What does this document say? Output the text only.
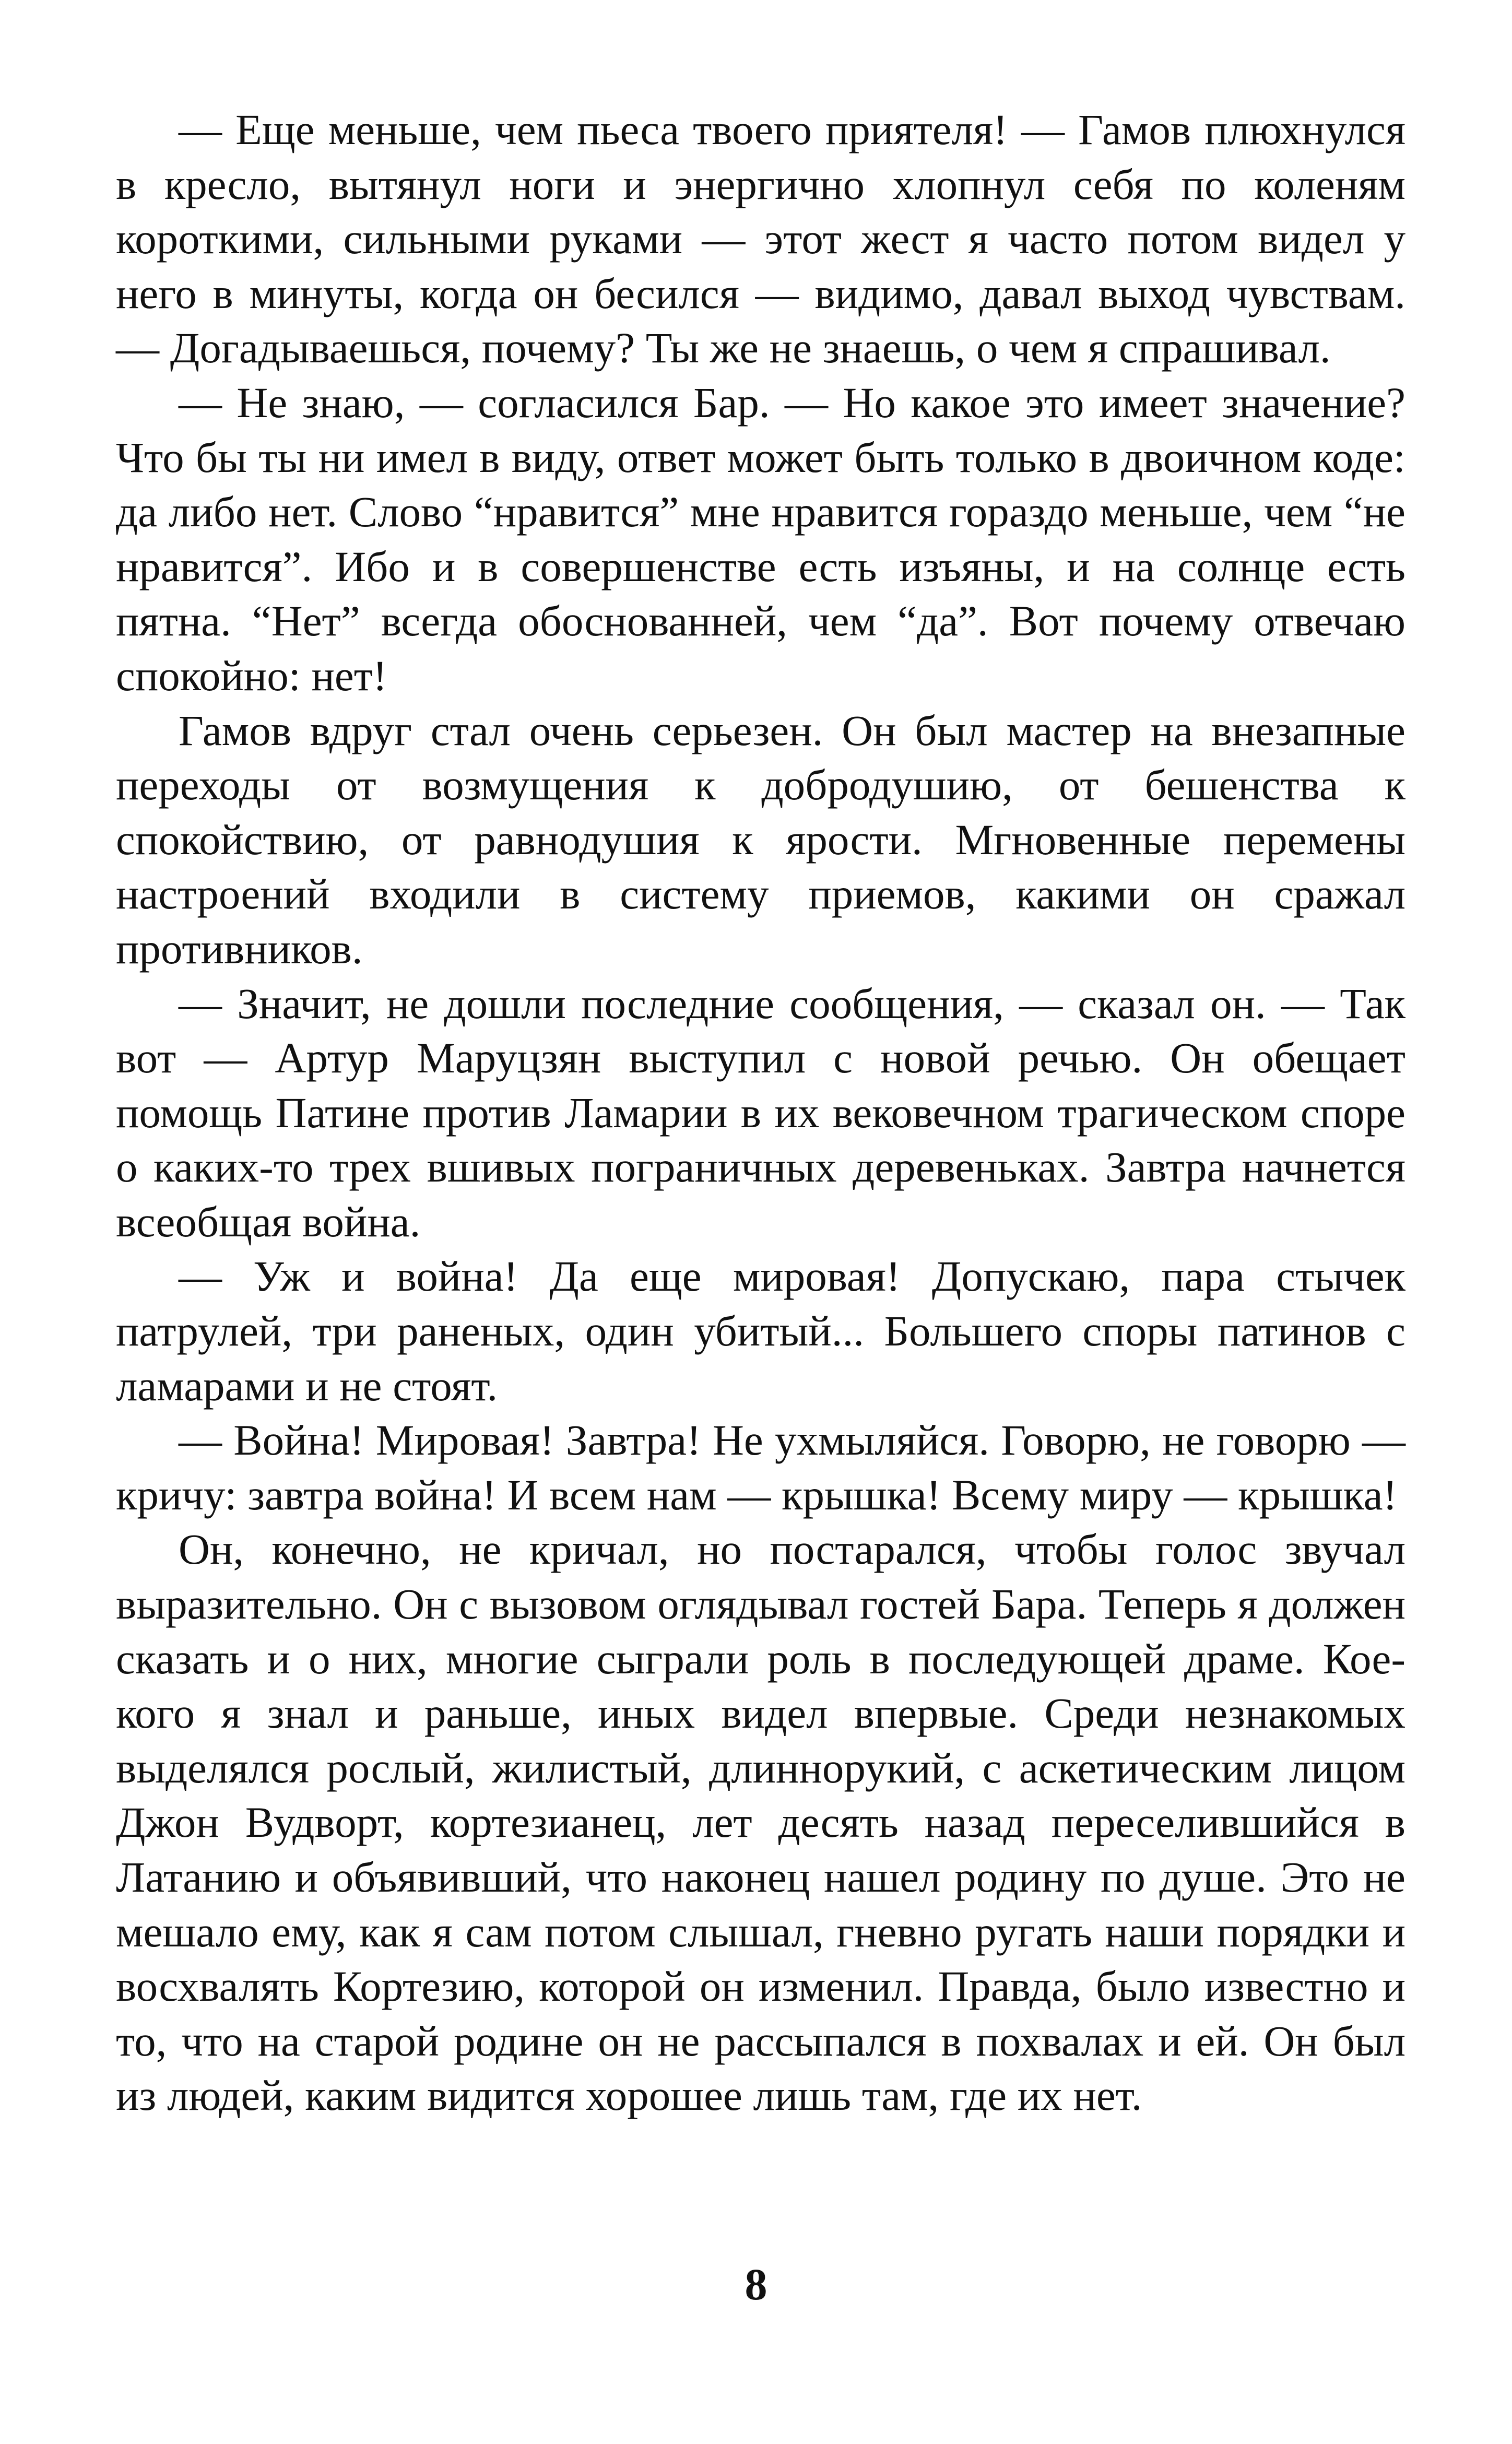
— Еще меньше, чем пьеса твоего приятеля! — Гамов плюхнулся в кресло, вытянул ноги и энергично хлопнул себя по коленям короткими, сильными руками — этот жест я часто потом видел у него в минуты, когда он бесился — видимо, давал выход чувствам. — Догадываешься, почему? Ты же не знаешь, о чем я спрашивал.

— Не знаю, — согласился Бар. — Но какое это имеет значение? Что бы ты ни имел в виду, ответ может быть только в двоичном коде: да либо нет. Слово “нравится” мне нравится гораздо меньше, чем “не нравится”. Ибо и в совершенстве есть изъяны, и на солнце есть пятна. “Нет” всегда обоснованней, чем “да”. Вот почему отвечаю спокойно: нет!

Гамов вдруг стал очень серьезен. Он был мастер на внезапные переходы от возмущения к добродушию, от бешенства к спокойствию, от равнодушия к ярости. Мгновенные перемены настроений входили в систему приемов, какими он сражал противников.

— Значит, не дошли последние сообщения, — сказал он. — Так вот — Артур Маруцзян выступил с новой речью. Он обещает помощь Патине против Ламарии в их вековечном трагическом споре о каких-то трех вшивых пограничных деревеньках. Завтра начнется всеобщая война.

— Уж и война! Да еще мировая! Допускаю, пара стычек патрулей, три раненых, один убитый... Большего споры патинов с ламарами и не стоят.

— Война! Мировая! Завтра! Не ухмыляйся. Говорю, не говорю — кричу: завтра война! И всем нам — крышка! Всему миру — крышка!

Он, конечно, не кричал, но постарался, чтобы голос звучал выразительно. Он с вызовом оглядывал гостей Бара. Теперь я должен сказать и о них, многие сыграли роль в последующей драме. Кое-кого я знал и раньше, иных видел впервые. Среди незнакомых выделялся рослый, жилистый, длиннорукий, с аскетическим лицом Джон Вудворт, кортезианец, лет десять назад переселившийся в Латанию и объявивший, что наконец нашел родину по душе. Это не мешало ему, как я сам потом слышал, гневно ругать наши порядки и восхвалять Кортезию, которой он изменил. Правда, было известно и то, что на старой родине он не рассыпался в похвалах и ей. Он был из людей, каким видится хорошее лишь там, где их нет.

8
